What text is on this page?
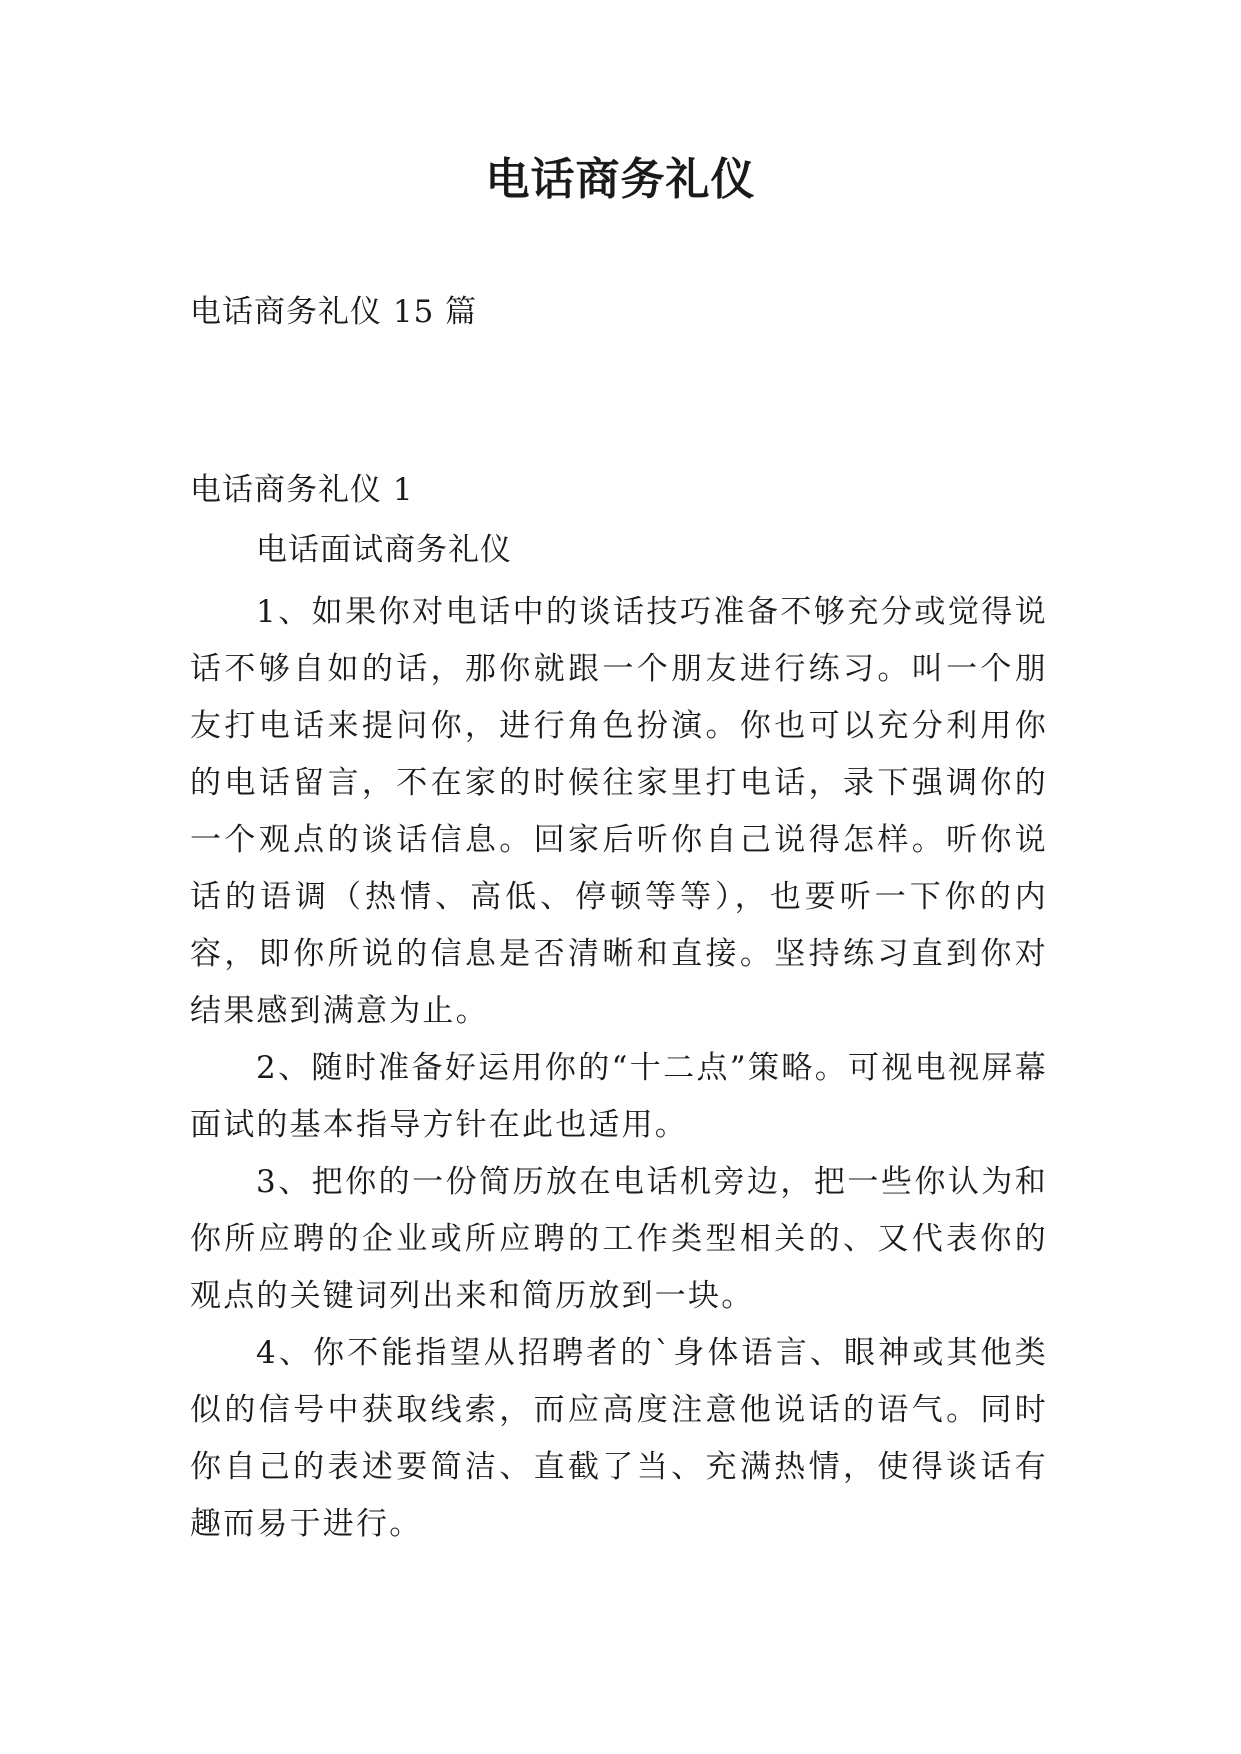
电话商务礼仪

电话商务礼仪 15 篇

电话商务礼仪 1

电话面试商务礼仪

1、如果你对电话中的谈话技巧准备不够充分或觉得说话不够自如的话，那你就跟一个朋友进行练习。叫一个朋友打电话来提问你，进行角色扮演。你也可以充分利用你的电话留言，不在家的时候往家里打电话，录下强调你的一个观点的谈话信息。回家后听你自己说得怎样。听你说话的语调（热情、高低、停顿等等），也要听一下你的内容，即你所说的信息是否清晰和直接。坚持练习直到你对结果感到满意为止。

2、随时准备好运用你的“十二点”策略。可视电视屏幕面试的基本指导方针在此也适用。

3、把你的一份简历放在电话机旁边，把一些你认为和你所应聘的企业或所应聘的工作类型相关的、又代表你的观点的关键词列出来和简历放到一块。

4、你不能指望从招聘者的`身体语言、眼神或其他类似的信号中获取线索，而应高度注意他说话的语气。同时你自己的表述要简洁、直截了当、充满热情，使得谈话有趣而易于进行。
